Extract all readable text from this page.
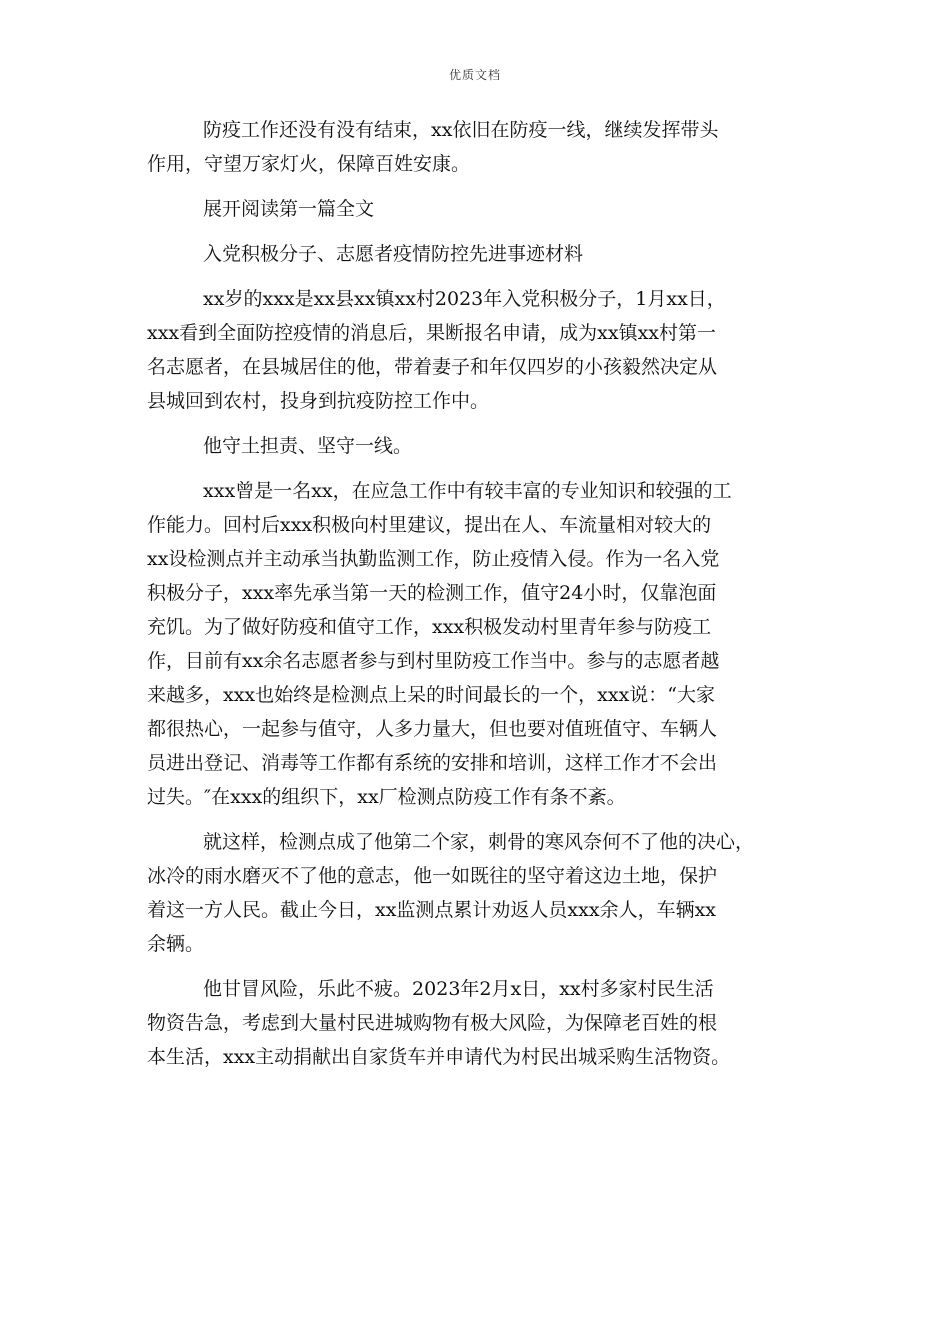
优质文档

防疫工作还没有没有结束，xx依旧在防疫一线，继续发挥带头
作用，守望万家灯火，保障百姓安康。

展开阅读第一篇全文

入党积极分子、志愿者疫情防控先进事迹材料

xx岁的xxx是xx县xx镇xx村2023年入党积极分子，1月xx日，
xxx看到全面防控疫情的消息后，果断报名申请，成为xx镇xx村第一
名志愿者，在县城居住的他，带着妻子和年仅四岁的小孩毅然决定从
县城回到农村，投身到抗疫防控工作中。

他守土担责、坚守一线。

xxx曾是一名xx，在应急工作中有较丰富的专业知识和较强的工
作能力。回村后xxx积极向村里建议，提出在人、车流量相对较大的
xx设检测点并主动承当执勤监测工作，防止疫情入侵。作为一名入党
积极分子，xxx率先承当第一天的检测工作，值守24小时，仅靠泡面
充饥。为了做好防疫和值守工作，xxx积极发动村里青年参与防疫工
作，目前有xx余名志愿者参与到村里防疫工作当中。参与的志愿者越
来越多，xxx也始终是检测点上呆的时间最长的一个，xxx说：“大家
都很热心，一起参与值守，人多力量大，但也要对值班值守、车辆人
员进出登记、消毒等工作都有系统的安排和培训，这样工作才不会出
过失。″在xxx的组织下，xx厂检测点防疫工作有条不紊。

就这样，检测点成了他第二个家，刺骨的寒风奈何不了他的决心，
冰冷的雨水磨灭不了他的意志，他一如既往的坚守着这边土地，保护
着这一方人民。截止今日，xx监测点累计劝返人员xxx余人，车辆xx
余辆。

他甘冒风险，乐此不疲。2023年2月x日，xx村多家村民生活
物资告急，考虑到大量村民进城购物有极大风险，为保障老百姓的根
本生活，xxx主动捐献出自家货车并申请代为村民出城采购生活物资。
